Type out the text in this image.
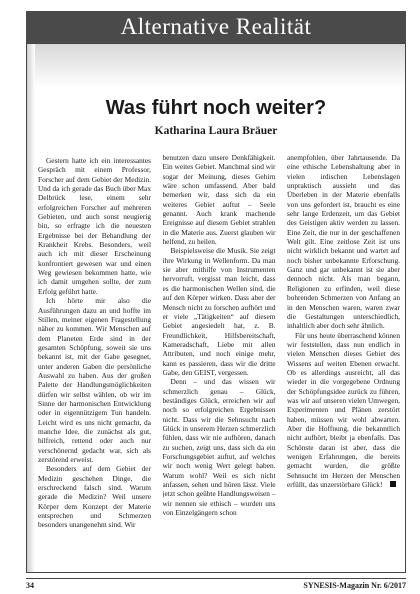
Alternative Realität
Was führt noch weiter?
Katharina Laura Bräuer

Gestern hatte ich ein interessantes Gespräch mit einem Professor, Forscher auf dem Gebiet der Medizin. Und da ich gerade das Buch über Max Delbrück lese, einem sehr erfolgreichen Forscher auf mehreren Gebieten, und auch sonst neugierig bin, so erfragte ich die neuesten Ergebnisse bei der Behandlung der Krankheit Krebs. Besonders, weil auch ich mit dieser Erscheinung konfrontiert gewesen war und einen Weg gewiesen bekommen hatte, wie ich damit umgehen sollte, der zum Erfolg geführt hatte.

Ich hörte mir also die Ausführungen dazu an und hoffte im Stillen, meiner eigenen Fragestellung näher zu kommen. Wir Menschen auf dem Planeten Erde sind in der gesamten Schöpfung, soweit sie uns bekannt ist, mit der Gabe gesegnet, unter anderen Gaben die persönliche Auswahl zu haben. Aus der großen Palette der Handlungsmöglichkeiten dürfen wir selbst wählen, ob wir im Sinne der harmonischen Entwicklung oder in eigennützigem Tun handeln. Leicht wird es uns nicht gemacht, da manche Idee, die zunächst als gut, hilfreich, rettend oder auch nur verschönernd gedacht war, sich als zerstörend erweist.

Besonders auf dem Gebiet der Medizin geschehen Dinge, die erschreckend falsch sind. Warum gerade die Medizin? Weil unsere Körper dem Konzept der Materie entsprechen und Schmerzen besonders unangenehm sind. Wir

benutzen dazu unsere Denkfähigkeit. Ein weites Gebiet. Manchmal sind wir sogar der Meinung, dieses Gehirn wäre schon umfassend. Aber bald bemerken wir, dass sich da ein weiteres Gebiet auftut – Seele genannt. Auch krank machende Ereignisse auf diesem Gebiet strahlen in die Materie aus. Zuerst glauben wir helfend, zu heilen.

Beispielsweise die Musik. Sie zeigt ihre Wirkung in Wellenform. Da man sie aber mithilfe von Instrumenten hervorruft, vergisst man leicht, dass es die harmonischen Wellen sind, die auf den Körper wirken. Dass aber der Mensch nicht zu forschen aufhört und er viele „Tätigkeiten“ auf diesem Gebiet angesiedelt hat, z. B. Freundlichkeit, Hilfsbereitschaft, Kameradschaft, Liebe mit allen Attributen, und noch einige mehr, kann es passieren, dass wir die dritte Gabe, den GEIST, vergessen.

Denn – und das wissen wir schmerzlich genau – Glück, beständiges Glück, erreichen wir auf noch so erfolgreichen Ergebnissen nicht. Dass wir die Sehnsucht nach Glück in unserem Herzen schmerzlich fühlen, dass wir nie aufhören, danach zu suchen, zeigt uns, dass sich da ein Forschungsgebiet auftut, auf welches wir noch wenig Wert gelegt haben. Warum wohl? Weil es sich nicht anfassen, sehen und hören lässt. Viele jetzt schon geübte Handlungsweisen – wir nennen sie ethisch – wurden uns von Einzelgängern schon

anempfohlen, über Jahrtausende. Da eine ethische Lebenshaltung aber in vielen irdischen Lebenslagen unpraktisch aussieht und das Überleben in der Materie ebenfalls von uns gefordert ist, braucht es eine sehr lange Erdenzeit, um das Gebiet des Geistigen aktiv werden zu lassen. Eine Zeit, die nur in der geschaffenen Welt gilt. Eine zeitlose Zeit ist uns nicht wirklich bekannt und wartet auf noch bisher unbekannte Erforschung. Ganz und gar unbekannt ist sie aber dennoch nicht. Als man begann, Religionen zu erfinden, weil diese bohrenden Schmerzen von Anfang an in den Menschen waren, waren zwar die Gestaltungen unterschiedlich, inhaltlich aber doch sehr ähnlich.

Für uns heute überraschend können wir feststellen, dass nun endlich in vielen Menschen dieses Gebiet des Wissens auf weiten Ebenen erwacht. Ob es allerdings ausreicht, all das wieder in die vorgegebene Ordnung der Schöpfungsidee zurück zu führen, was wir auf unseren vielen Umwegen, Experimenten und Plänen zerstört haben, müssen wir wohl abwarten. Aber die Hoffnung, die bekanntlich nicht aufhört, bleibt ja ebenfalls. Das Schönste daran ist aber, dass die wenigen Erfahrungen, die bereits gemacht wurden, die größte Sehnsucht im Herzen der Menschen erfüllt, das unzerstörbare Glück!

34	SYNESIS-Magazin Nr. 6/2017
